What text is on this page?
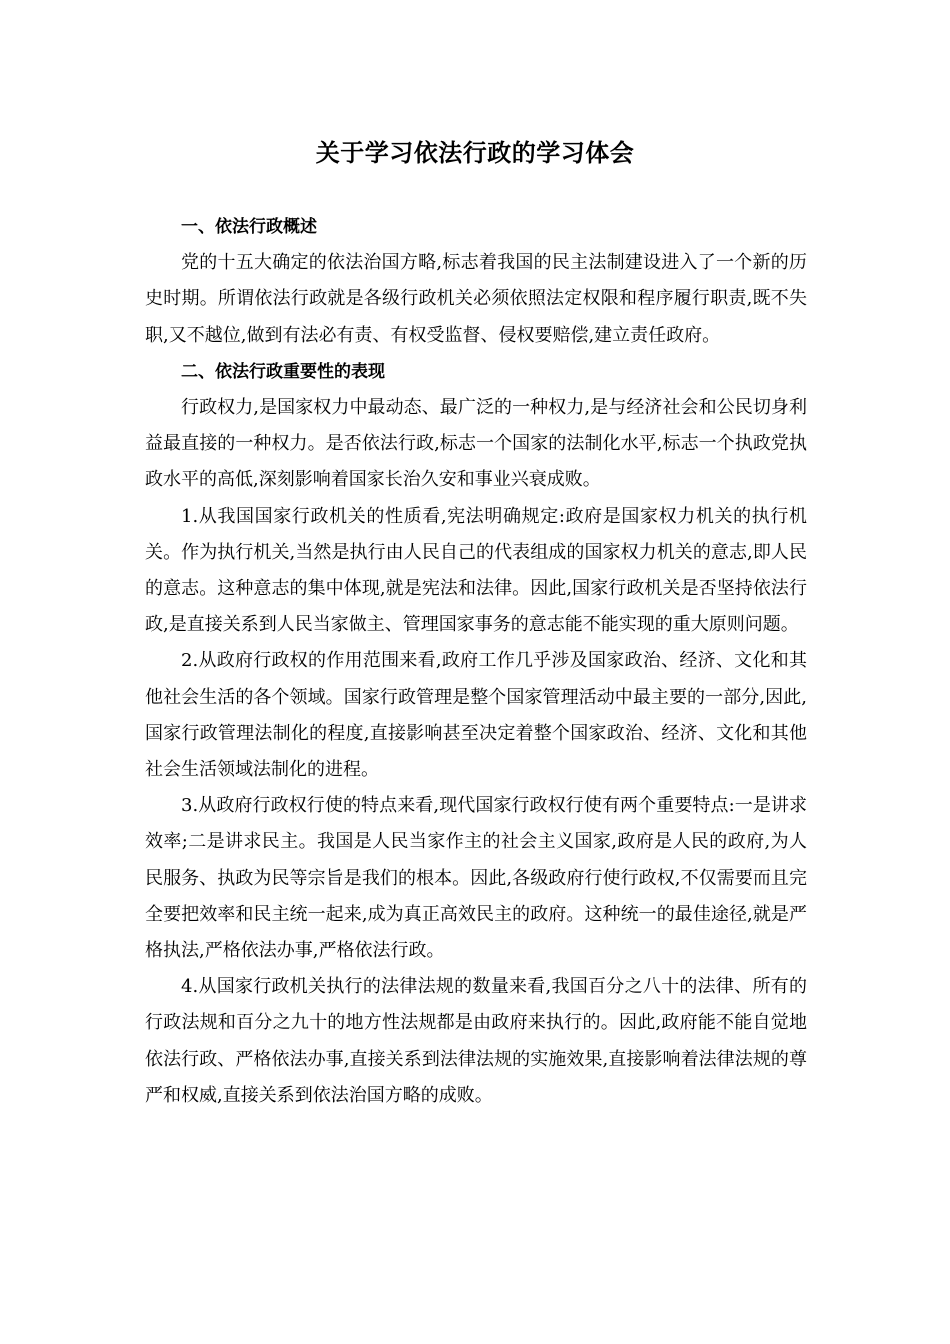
关于学习依法行政的学习体会

一、依法行政概述

党的十五大确定的依法治国方略,标志着我国的民主法制建设进入了一个新的历史时期。所谓依法行政就是各级行政机关必须依照法定权限和程序履行职责,既不失职,又不越位,做到有法必有责、有权受监督、侵权要赔偿,建立责任政府。

二、依法行政重要性的表现

行政权力,是国家权力中最动态、最广泛的一种权力,是与经济社会和公民切身利益最直接的一种权力。是否依法行政,标志一个国家的法制化水平,标志一个执政党执政水平的高低,深刻影响着国家长治久安和事业兴衰成败。

1.从我国国家行政机关的性质看,宪法明确规定:政府是国家权力机关的执行机关。作为执行机关,当然是执行由人民自己的代表组成的国家权力机关的意志,即人民的意志。这种意志的集中体现,就是宪法和法律。因此,国家行政机关是否坚持依法行政,是直接关系到人民当家做主、管理国家事务的意志能不能实现的重大原则问题。

2.从政府行政权的作用范围来看,政府工作几乎涉及国家政治、经济、文化和其他社会生活的各个领域。国家行政管理是整个国家管理活动中最主要的一部分,因此,国家行政管理法制化的程度,直接影响甚至决定着整个国家政治、经济、文化和其他社会生活领域法制化的进程。

3.从政府行政权行使的特点来看,现代国家行政权行使有两个重要特点:一是讲求效率;二是讲求民主。我国是人民当家作主的社会主义国家,政府是人民的政府,为人民服务、执政为民等宗旨是我们的根本。因此,各级政府行使行政权,不仅需要而且完全要把效率和民主统一起来,成为真正高效民主的政府。这种统一的最佳途径,就是严格执法,严格依法办事,严格依法行政。

4.从国家行政机关执行的法律法规的数量来看,我国百分之八十的法律、所有的行政法规和百分之九十的地方性法规都是由政府来执行的。因此,政府能不能自觉地依法行政、严格依法办事,直接关系到法律法规的实施效果,直接影响着法律法规的尊严和权威,直接关系到依法治国方略的成败。
